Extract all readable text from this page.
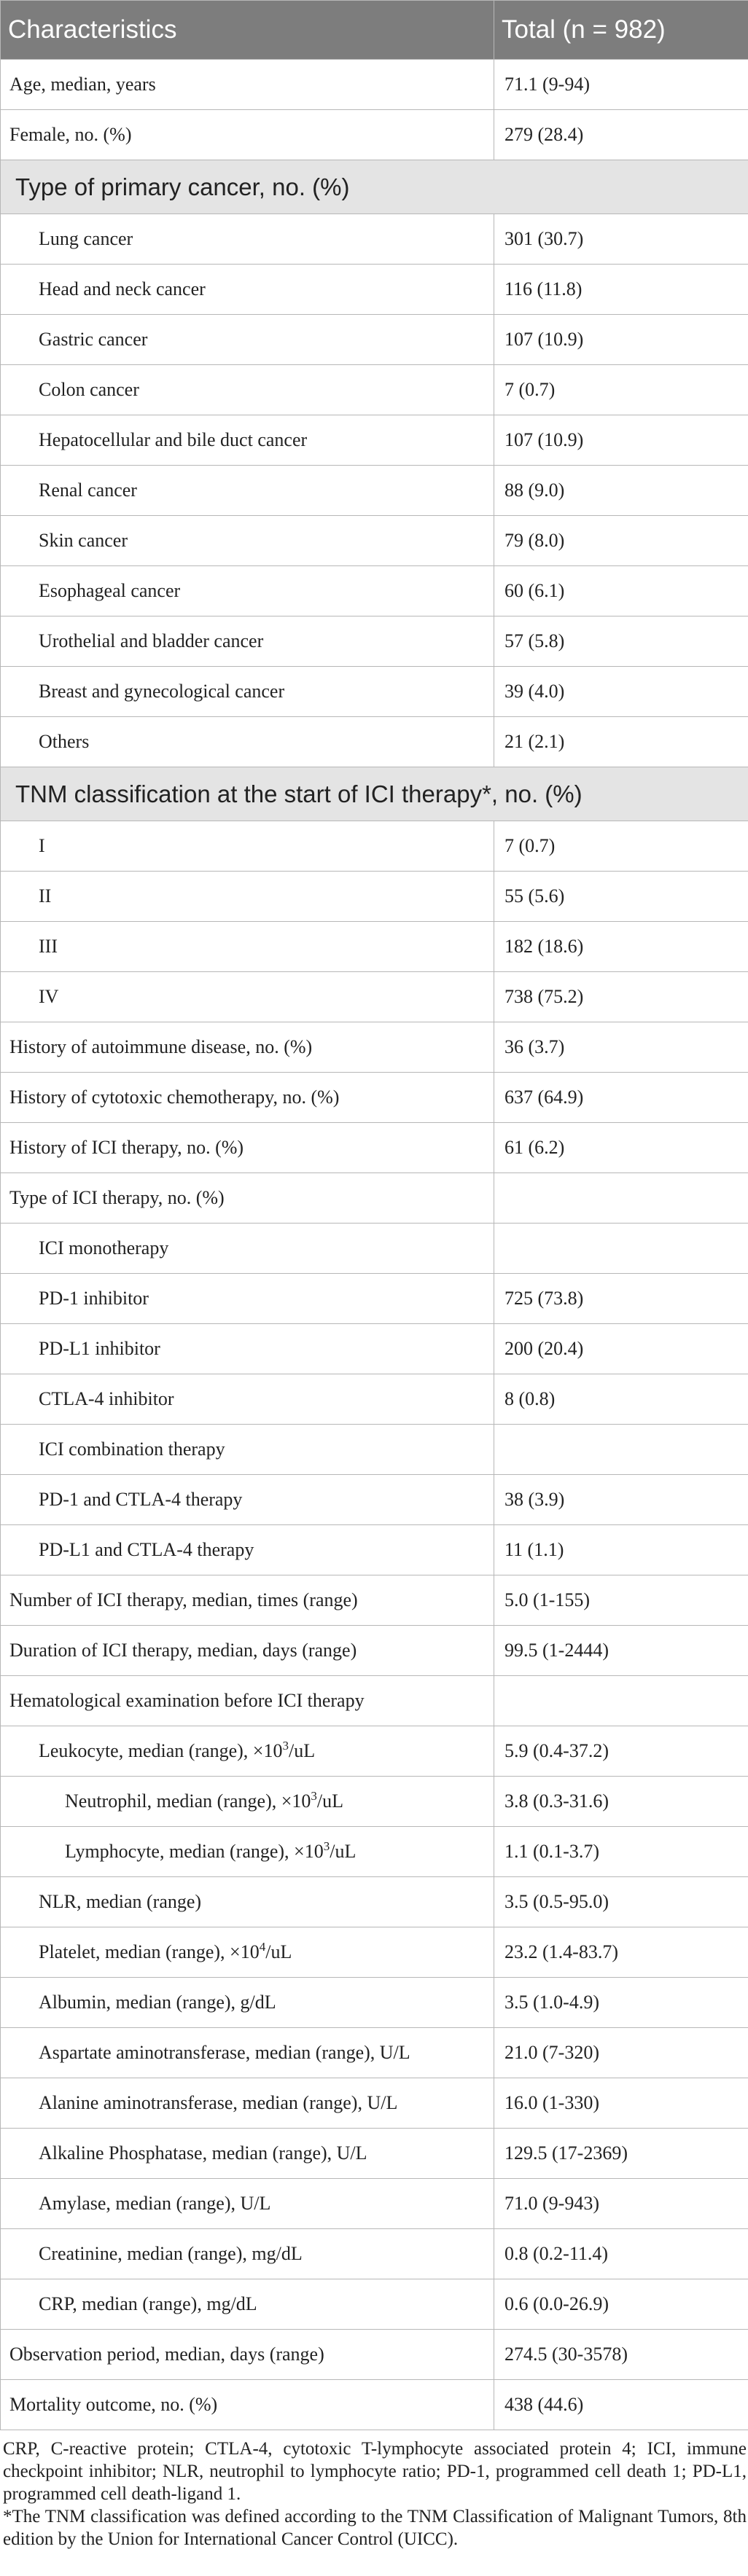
Characteristics	Total (n = 982)
Age, median, years	71.1 (9-94)
Female, no. (%)	279 (28.4)
Type of primary cancer, no. (%)	
Lung cancer	301 (30.7)
Head and neck cancer	116 (11.8)
Gastric cancer	107 (10.9)
Colon cancer	7 (0.7)
Hepatocellular and bile duct cancer	107 (10.9)
Renal cancer	88 (9.0)
Skin cancer	79 (8.0)
Esophageal cancer	60 (6.1)
Urothelial and bladder cancer	57 (5.8)
Breast and gynecological cancer	39 (4.0)
Others	21 (2.1)
TNM classification at the start of ICI therapy*, no. (%)	
I	7 (0.7)
II	55 (5.6)
III	182 (18.6)
IV	738 (75.2)
History of autoimmune disease, no. (%)	36 (3.7)
History of cytotoxic chemotherapy, no. (%)	637 (64.9)
History of ICI therapy, no. (%)	61 (6.2)
Type of ICI therapy, no. (%)	
ICI monotherapy	
PD-1 inhibitor	725 (73.8)
PD-L1 inhibitor	200 (20.4)
CTLA-4 inhibitor	8 (0.8)
ICI combination therapy	
PD-1 and CTLA-4 therapy	38 (3.9)
PD-L1 and CTLA-4 therapy	11 (1.1)
Number of ICI therapy, median, times (range)	5.0 (1-155)
Duration of ICI therapy, median, days (range)	99.5 (1-2444)
Hematological examination before ICI therapy	
Leukocyte, median (range), $\times 10^3/uL$	5.9 (0.4-37.2)
Neutrophil, median (range), $\times 10^3/uL$	3.8 (0.3-31.6)
Lymphocyte, median (range), $\times 10^3/uL$	1.1 (0.1-3.7)
NLR, median (range)	3.5 (0.5-95.0)
Platelet, median (range), $\times 10^4/uL$	23.2 (1.4-83.7)
Albumin, median (range), g/dL	3.5 (1.0-4.9)
Aspartate aminotransferase, median (range), U/L	21.0 (7-320)
Alanine aminotransferase, median (range), U/L	16.0 (1-330)
Alkaline Phosphatase, median (range), U/L	129.5 (17-2369)
Amylase, median (range), U/L	71.0 (9-943)
Creatinine, median (range), mg/dL	0.8 (0.2-11.4)
CRP, median (range), mg/dL	0.6 (0.0-26.9)
Observation period, median, days (range)	274.5 (30-3578)
Mortality outcome, no. (%)	438 (44.6)

CRP, C-reactive protein; CTLA-4, cytotoxic T-lymphocyte associated protein 4; ICI, immune checkpoint inhibitor; NLR, neutrophil to lymphocyte ratio; PD-1, programmed cell death 1; PD-L1, programmed cell death-ligand 1.

*The TNM classification was defined according to the TNM Classification of Malignant Tumors, 8th edition by the Union for International Cancer Control (UICC).
